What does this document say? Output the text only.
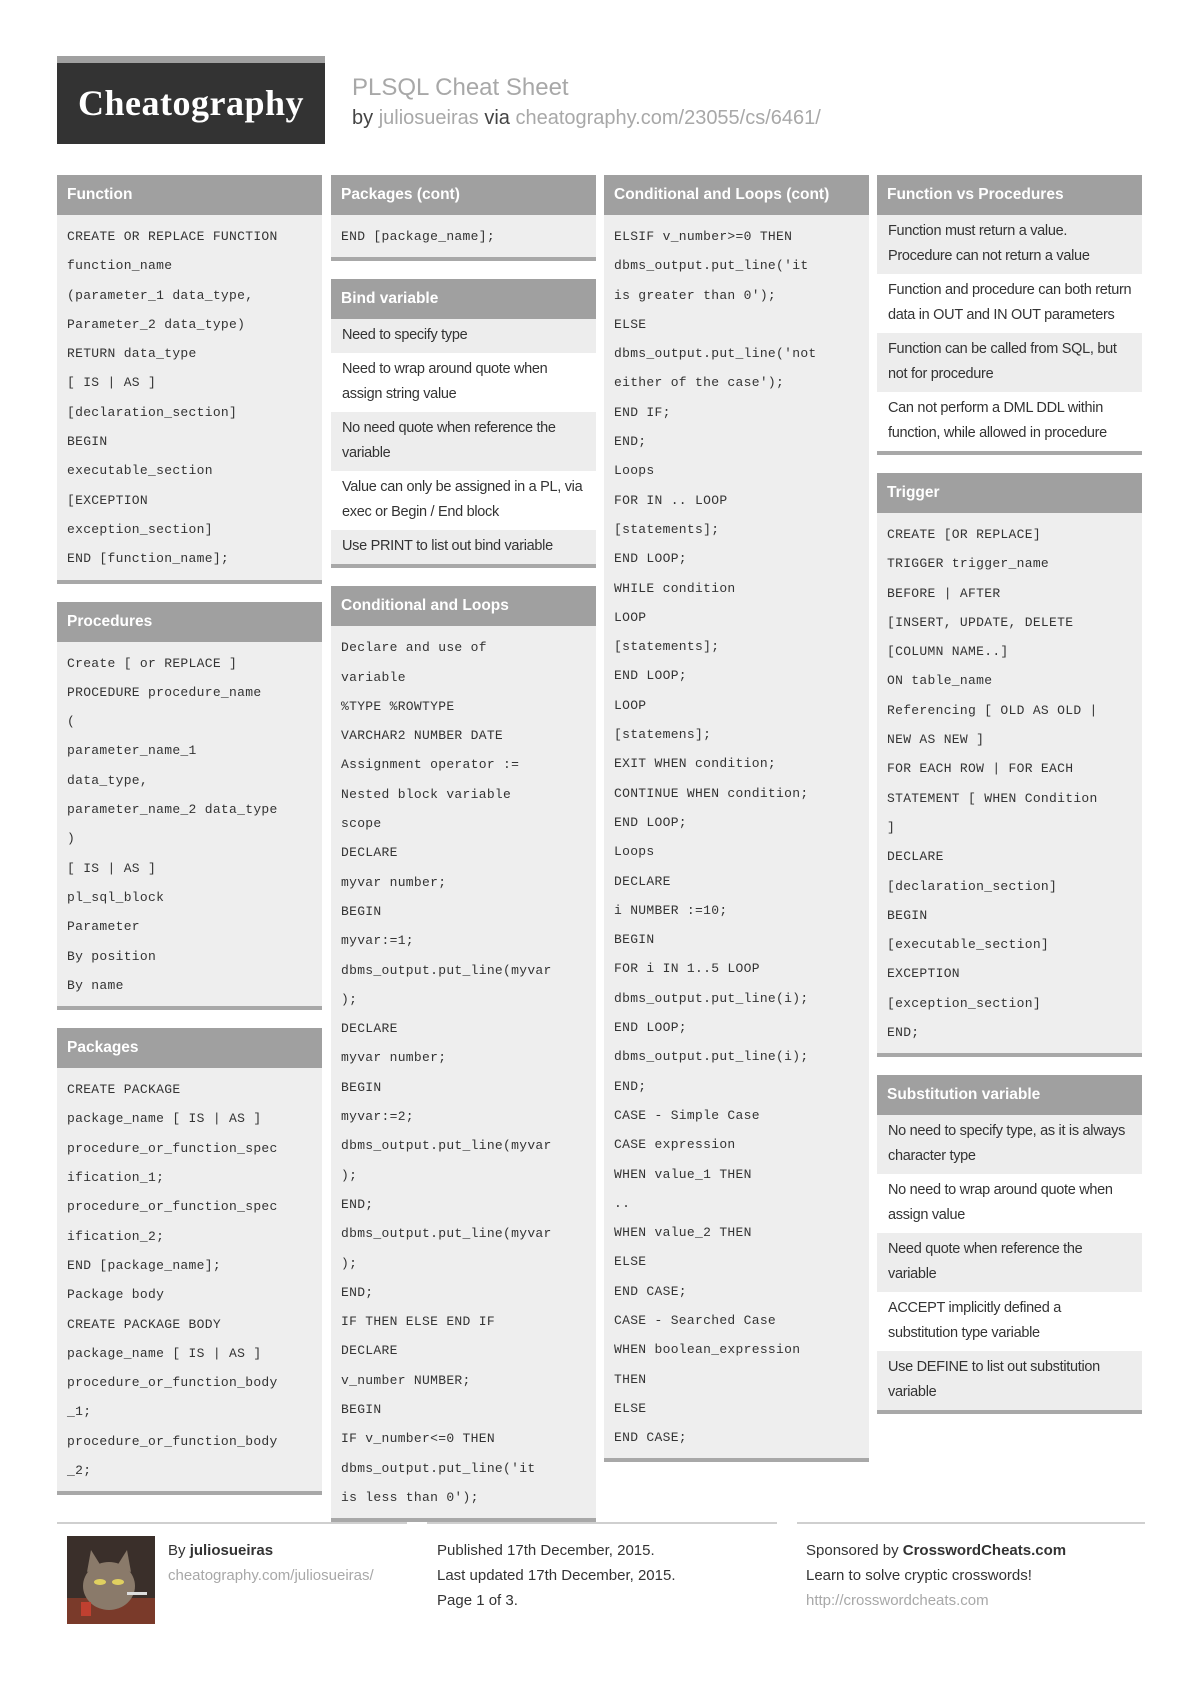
Cheatography	PLSQL Cheat Sheet
by juliosueiras via cheatography.com/23055/cs/6461/
Function
CREATE OR REPLACE FUNCTION
function_name
(parameter_1 data_type,
Parameter_2 data_type)
RETURN data_type
[ IS | AS ]
[declaration_section]
BEGIN
executable_section
[EXCEPTION
exception_section]
END [function_name];
Procedures
Create [ or REPLACE ]
PROCEDURE procedure_name
(
parameter_name_1
data_type,
parameter_name_2 data_type
)
[ IS | AS ]
pl_sql_block
Parameter
By position
By name
Packages
CREATE PACKAGE
package_name [ IS | AS ]
procedure_or_function_spec
ification_1;
procedure_or_function_spec
ification_2;
END [package_name];
Package body
CREATE PACKAGE BODY
package_name [ IS | AS ]
procedure_or_function_body
_1;
procedure_or_function_body
_2;
Packages (cont)
END [package_name];
Bind variable
Need to specify type
Need to wrap around quote when assign string value
No need quote when reference the variable
Value can only be assigned in a PL, via exec or Begin / End block
Use PRINT to list out bind variable
Conditional and Loops
Declare and use of
variable
%TYPE %ROWTYPE
VARCHAR2 NUMBER DATE
Assignment operator :=
Nested block variable
scope
DECLARE
myvar number;
BEGIN
myvar:=1;
dbms_output.put_line(myvar
);
DECLARE
myvar number;
BEGIN
myvar:=2;
dbms_output.put_line(myvar
);
END;
dbms_output.put_line(myvar
);
END;
IF THEN ELSE END IF
DECLARE
v_number NUMBER;
BEGIN
IF v_number<=0 THEN
dbms_output.put_line('it
is less than 0');
Conditional and Loops (cont)
ELSIF v_number>=0 THEN
dbms_output.put_line('it
is greater than 0');
ELSE
dbms_output.put_line('not
either of the case');
END IF;
END;
Loops
FOR IN .. LOOP
[statements];
END LOOP;
WHILE condition
LOOP
[statements];
END LOOP;
LOOP
[statemens];
EXIT WHEN condition;
CONTINUE WHEN condition;
END LOOP;
Loops
DECLARE
i NUMBER :=10;
BEGIN
FOR i IN 1..5 LOOP
dbms_output.put_line(i);
END LOOP;
dbms_output.put_line(i);
END;
CASE - Simple Case
CASE expression
WHEN value_1 THEN
..
WHEN value_2 THEN
ELSE
END CASE;
CASE - Searched Case
WHEN boolean_expression
THEN
ELSE
END CASE;
Function vs Procedures
Function must return a value. Procedure can not return a value
Function and procedure can both return data in OUT and IN OUT parameters
Function can be called from SQL, but not for procedure
Can not perform a DML DDL within function, while allowed in procedure
Trigger
CREATE [OR REPLACE]
TRIGGER trigger_name
BEFORE | AFTER
[INSERT, UPDATE, DELETE
[COLUMN NAME..]
ON table_name
Referencing [ OLD AS OLD |
NEW AS NEW ]
FOR EACH ROW | FOR EACH
STATEMENT [ WHEN Condition
]
DECLARE
[declaration_section]
BEGIN
[executable_section]
EXCEPTION
[exception_section]
END;
Substitution variable
No need to specify type, as it is always character type
No need to wrap around quote when assign value
Need quote when reference the variable
ACCEPT implicitly defined a substitution type variable
Use DEFINE to list out substitution variable
By juliosueiras
cheatography.com/juliosueiras/
Published 17th December, 2015.
Last updated 17th December, 2015.
Page 1 of 3.
Sponsored by CrosswordCheats.com
Learn to solve cryptic crosswords!
http://crosswordcheats.com
